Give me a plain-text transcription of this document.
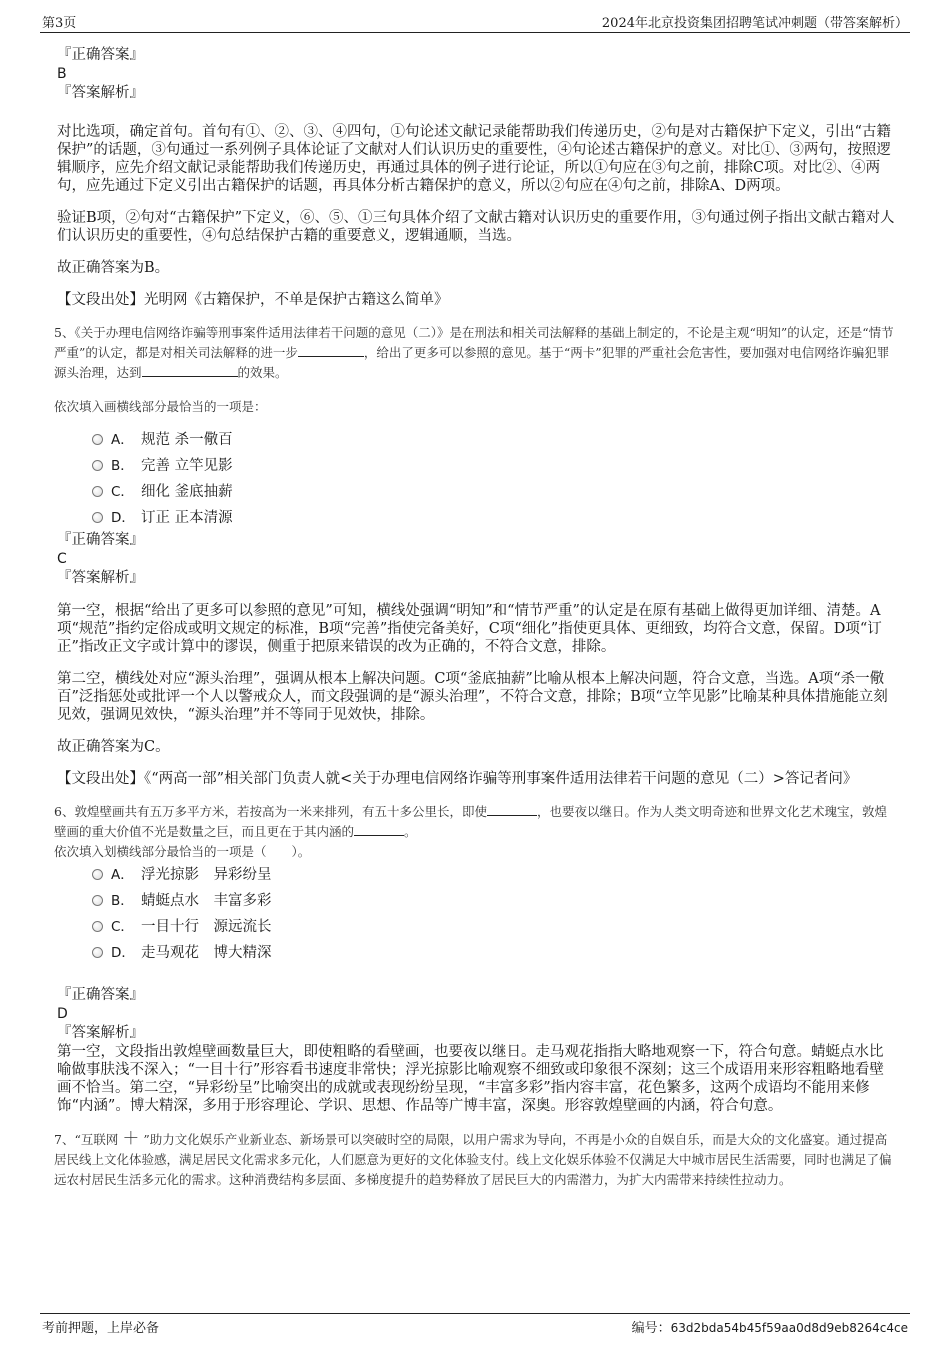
第3页	2024年北京投资集团招聘笔试冲刺题（带答案解析）

『正确答案』

B

『答案解析』

对比选项，确定首句。首句有①、②、③、④四句，①句论述文献记录能帮助我们传递历史，②句是对古籍保护下定义，引出“古籍保护”的话题，③句通过一系列例子具体论证了文献对人们认识历史的重要性，④句论述古籍保护的意义。对比①、③两句，按照逻辑顺序，应先介绍文献记录能帮助我们传递历史，再通过具体的例子进行论证，所以①句应在③句之前，排除C项。对比②、④两句，应先通过下定义引出古籍保护的话题，再具体分析古籍保护的意义，所以②句应在④句之前，排除A、D两项。

验证B项，②句对“古籍保护”下定义，⑥、⑤、①三句具体介绍了文献古籍对认识历史的重要作用，③句通过例子指出文献古籍对人们认识历史的重要性，④句总结保护古籍的重要意义，逻辑通顺，当选。

故正确答案为B。

【文段出处】光明网《古籍保护，不单是保护古籍这么简单》

5、《关于办理电信网络诈骗等刑事案件适用法律若干问题的意见（二）》是在刑法和相关司法解释的基础上制定的，不论是主观“明知”的认定，还是“情节严重”的认定，都是对相关司法解释的进一步	，给出了更多可以参照的意见。基于“两卡”犯罪的严重社会危害性，要加强对电信网络诈骗犯罪源头治理，达到	的效果。

依次填入画横线部分最恰当的一项是：

A． 规范 杀一儆百
B． 完善 立竿见影
C． 细化 釜底抽薪
D． 订正 正本清源

『正确答案』

C

『答案解析』

第一空，根据“给出了更多可以参照的意见”可知，横线处强调“明知”和“情节严重”的认定是在原有基础上做得更加详细、清楚。A项“规范”指约定俗成或明文规定的标准，B项“完善”指使完备美好，C项“细化”指使更具体、更细致，均符合文意，保留。D项“订正”指改正文字或计算中的谬误，侧重于把原来错误的改为正确的，不符合文意，排除。

第二空，横线处对应“源头治理”，强调从根本上解决问题。C项“釜底抽薪”比喻从根本上解决问题，符合文意，当选。A项“杀一儆百”泛指惩处或批评一个人以警戒众人，而文段强调的是“源头治理”，不符合文意，排除；B项“立竿见影”比喻某种具体措施能立刻见效，强调见效快，“源头治理”并不等同于见效快，排除。

故正确答案为C。

【文段出处】《“两高一部”相关部门负责人就<关于办理电信网络诈骗等刑事案件适用法律若干问题的意见（二）>答记者问》

6、敦煌壁画共有五万多平方米，若按高为一米来排列，有五十多公里长，即使	，也要夜以继日。作为人类文明奇迹和世界文化艺术瑰宝，敦煌壁画的重大价值不光是数量之巨，而且更在于其内涵的	。

依次填入划横线部分最恰当的一项是（　　）。

A． 浮光掠影　异彩纷呈
B． 蜻蜓点水　丰富多彩
C． 一目十行　源远流长
D． 走马观花　博大精深

『正确答案』

D

『答案解析』

第一空，文段指出敦煌壁画数量巨大，即使粗略的看壁画，也要夜以继日。走马观花指指大略地观察一下，符合句意。蜻蜓点水比喻做事肤浅不深入；“一目十行”形容看书速度非常快；浮光掠影比喻观察不细致或印象很不深刻；这三个成语用来形容粗略地看壁画不恰当。第二空，“异彩纷呈”比喻突出的成就或表现纷纷呈现，“丰富多彩”指内容丰富，花色繁多，这两个成语均不能用来修饰“内涵”。博大精深，多用于形容理论、学识、思想、作品等广博丰富，深奥。形容敦煌壁画的内涵，符合句意。

7、“互联网 ＋ ”助力文化娱乐产业新业态、新场景可以突破时空的局限，以用户需求为导向，不再是小众的自娱自乐，而是大众的文化盛宴。通过提高居民线上文化体验感，满足居民文化需求多元化，人们愿意为更好的文化体验支付。线上文化娱乐体验不仅满足大中城市居民生活需要，同时也满足了偏远农村居民生活多元化的需求。这种消费结构多层面、多梯度提升的趋势释放了居民巨大的内需潜力，为扩大内需带来持续性拉动力。

考前押题，上岸必备	编号：63d2bda54b45f59aa0d8d9eb8264c4ce
